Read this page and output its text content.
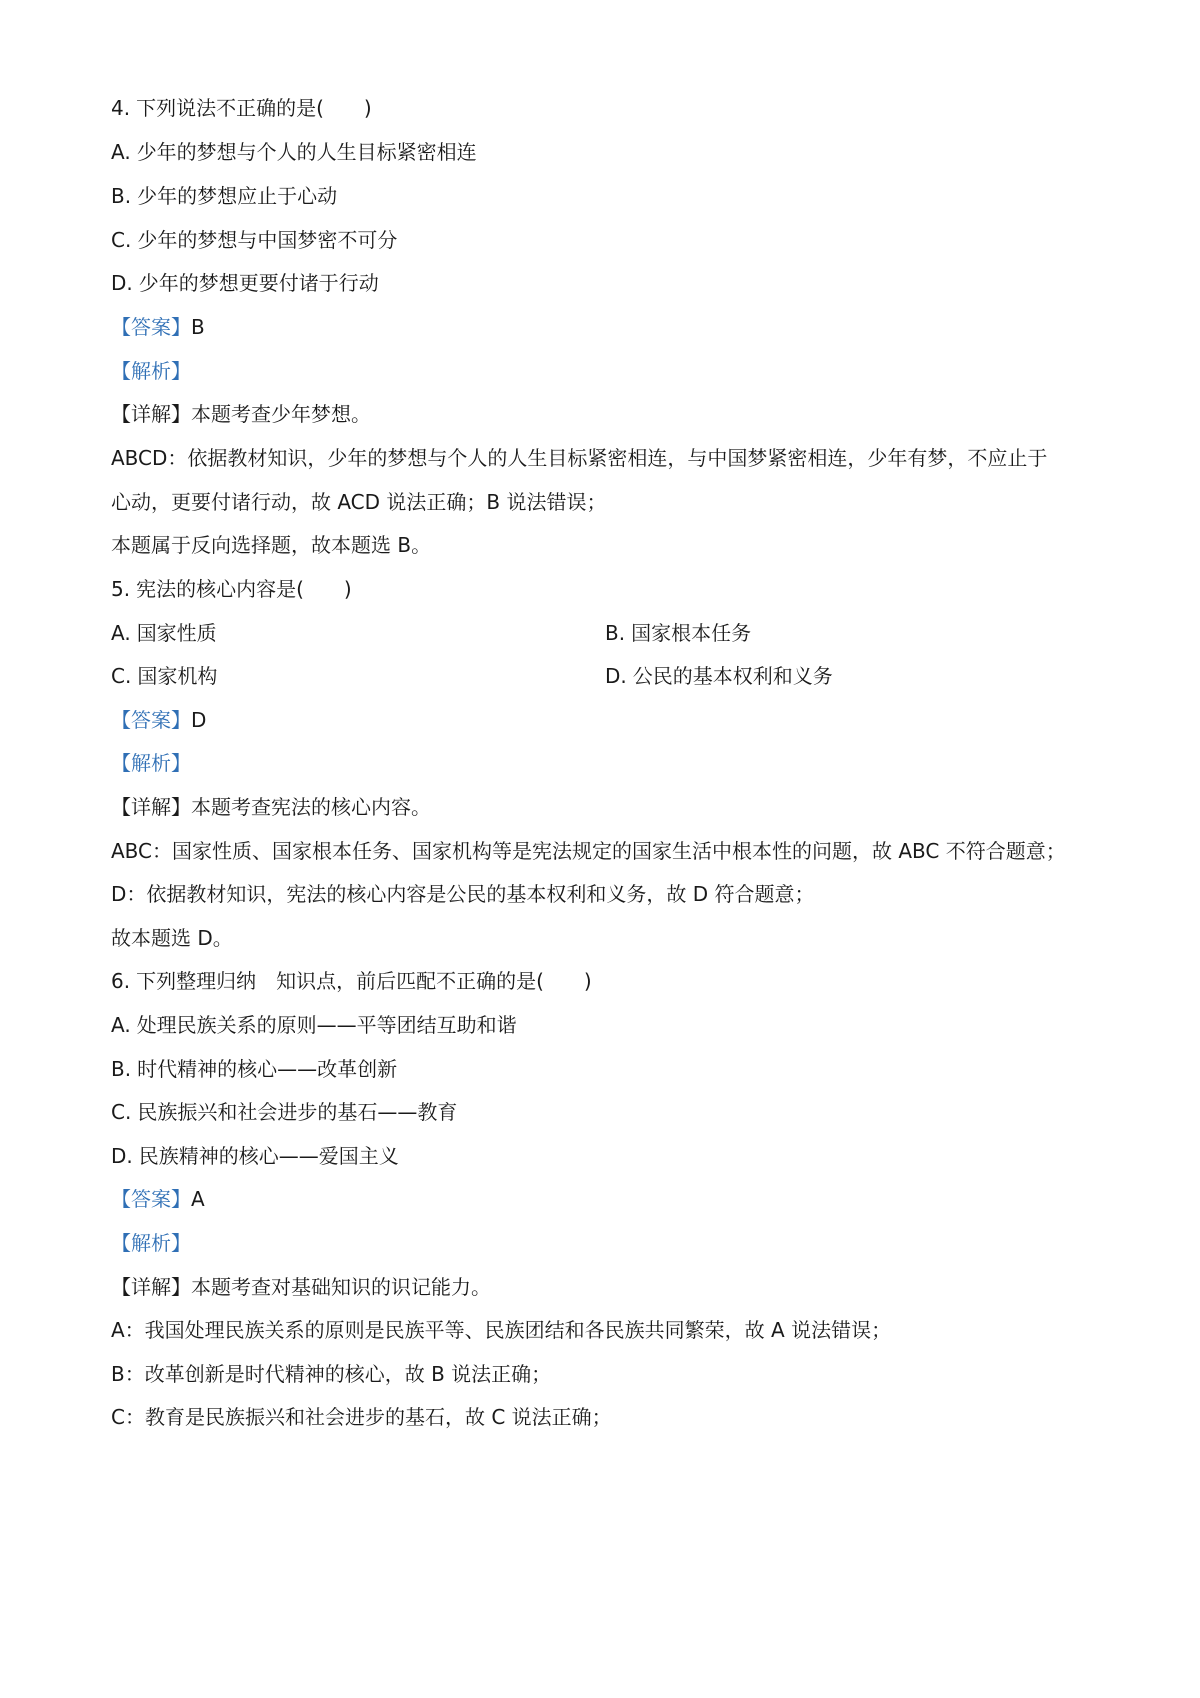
4. 下列说法不正确的是(　　)
A. 少年的梦想与个人的人生目标紧密相连
B. 少年的梦想应止于心动
C. 少年的梦想与中国梦密不可分
D. 少年的梦想更要付诸于行动
【答案】B
【解析】
【详解】本题考查少年梦想。
ABCD：依据教材知识，少年的梦想与个人的人生目标紧密相连，与中国梦紧密相连，少年有梦，不应止于
心动，更要付诸行动，故 ACD 说法正确；B 说法错误；
本题属于反向选择题，故本题选 B。
5. 宪法的核心内容是(　　)
A. 国家性质	B. 国家根本任务
C. 国家机构	D. 公民的基本权利和义务
【答案】D
【解析】
【详解】本题考查宪法的核心内容。
ABC：国家性质、国家根本任务、国家机构等是宪法规定的国家生活中根本性的问题，故 ABC 不符合题意；
D：依据教材知识，宪法的核心内容是公民的基本权利和义务，故 D 符合题意；
故本题选 D。
6. 下列整理归纳　知识点，前后匹配不正确的是(　　)
A. 处理民族关系的原则——平等团结互助和谐
B. 时代精神的核心——改革创新
C. 民族振兴和社会进步的基石——教育
D. 民族精神的核心——爱国主义
【答案】A
【解析】
【详解】本题考查对基础知识的识记能力。
A：我国处理民族关系的原则是民族平等、民族团结和各民族共同繁荣，故 A 说法错误；
B：改革创新是时代精神的核心，故 B 说法正确；
C：教育是民族振兴和社会进步的基石，故 C 说法正确；
